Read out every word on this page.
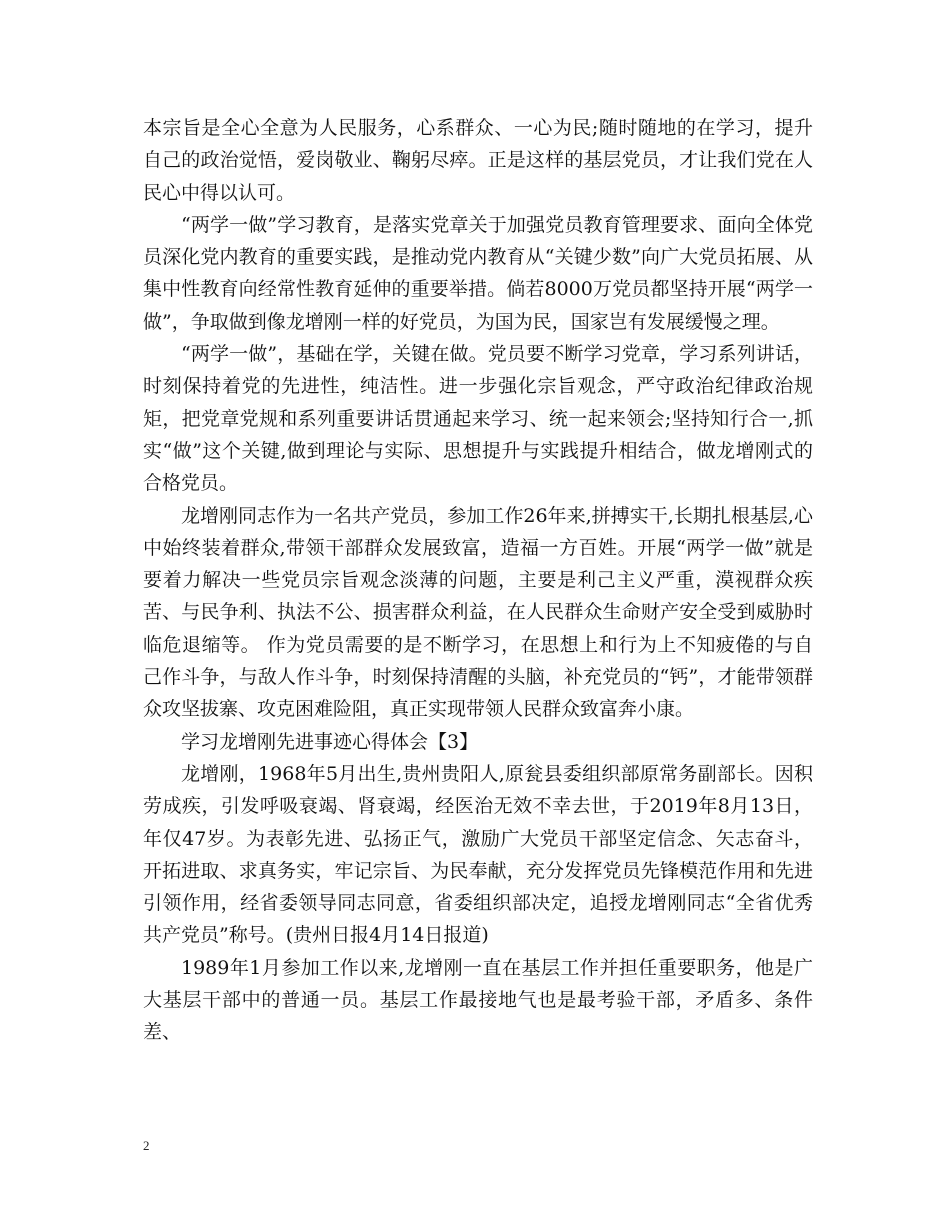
本宗旨是全心全意为人民服务，心系群众、一心为民;随时随地的在学习，提升自己的政治觉悟，爱岗敬业、鞠躬尽瘁。正是这样的基层党员，才让我们党在人民心中得以认可。

“两学一做”学习教育，是落实党章关于加强党员教育管理要求、面向全体党员深化党内教育的重要实践，是推动党内教育从“关键少数”向广大党员拓展、从集中性教育向经常性教育延伸的重要举措。倘若8000万党员都坚持开展“两学一做”，争取做到像龙增刚一样的好党员，为国为民，国家岂有发展缓慢之理。

“两学一做”，基础在学，关键在做。党员要不断学习党章，学习系列讲话，时刻保持着党的先进性，纯洁性。进一步强化宗旨观念，严守政治纪律政治规矩，把党章党规和系列重要讲话贯通起来学习、统一起来领会;坚持知行合一,抓实“做”这个关键,做到理论与实际、思想提升与实践提升相结合，做龙增刚式的合格党员。

龙增刚同志作为一名共产党员，参加工作26年来,拼搏实干,长期扎根基层,心中始终装着群众,带领干部群众发展致富，造福一方百姓。开展“两学一做”就是要着力解决一些党员宗旨观念淡薄的问题，主要是利己主义严重，漠视群众疾苦、与民争利、执法不公、损害群众利益，在人民群众生命财产安全受到威胁时临危退缩等。 作为党员需要的是不断学习，在思想上和行为上不知疲倦的与自己作斗争，与敌人作斗争，时刻保持清醒的头脑，补充党员的“钙”，才能带领群众攻坚拔寨、攻克困难险阻，真正实现带领人民群众致富奔小康。

学习龙增刚先进事迹心得体会【3】

龙增刚，1968年5月出生,贵州贵阳人,原瓮县委组织部原常务副部长。因积劳成疾，引发呼吸衰竭、肾衰竭，经医治无效不幸去世，于2019年8月13日，年仅47岁。为表彰先进、弘扬正气，激励广大党员干部坚定信念、矢志奋斗，开拓进取、求真务实，牢记宗旨、为民奉献，充分发挥党员先锋模范作用和先进引领作用，经省委领导同志同意，省委组织部决定，追授龙增刚同志“全省优秀共产党员”称号。(贵州日报4月14日报道)

1989年1月参加工作以来,龙增刚一直在基层工作并担任重要职务，他是广大基层干部中的普通一员。基层工作最接地气也是最考验干部，矛盾多、条件差、

2
